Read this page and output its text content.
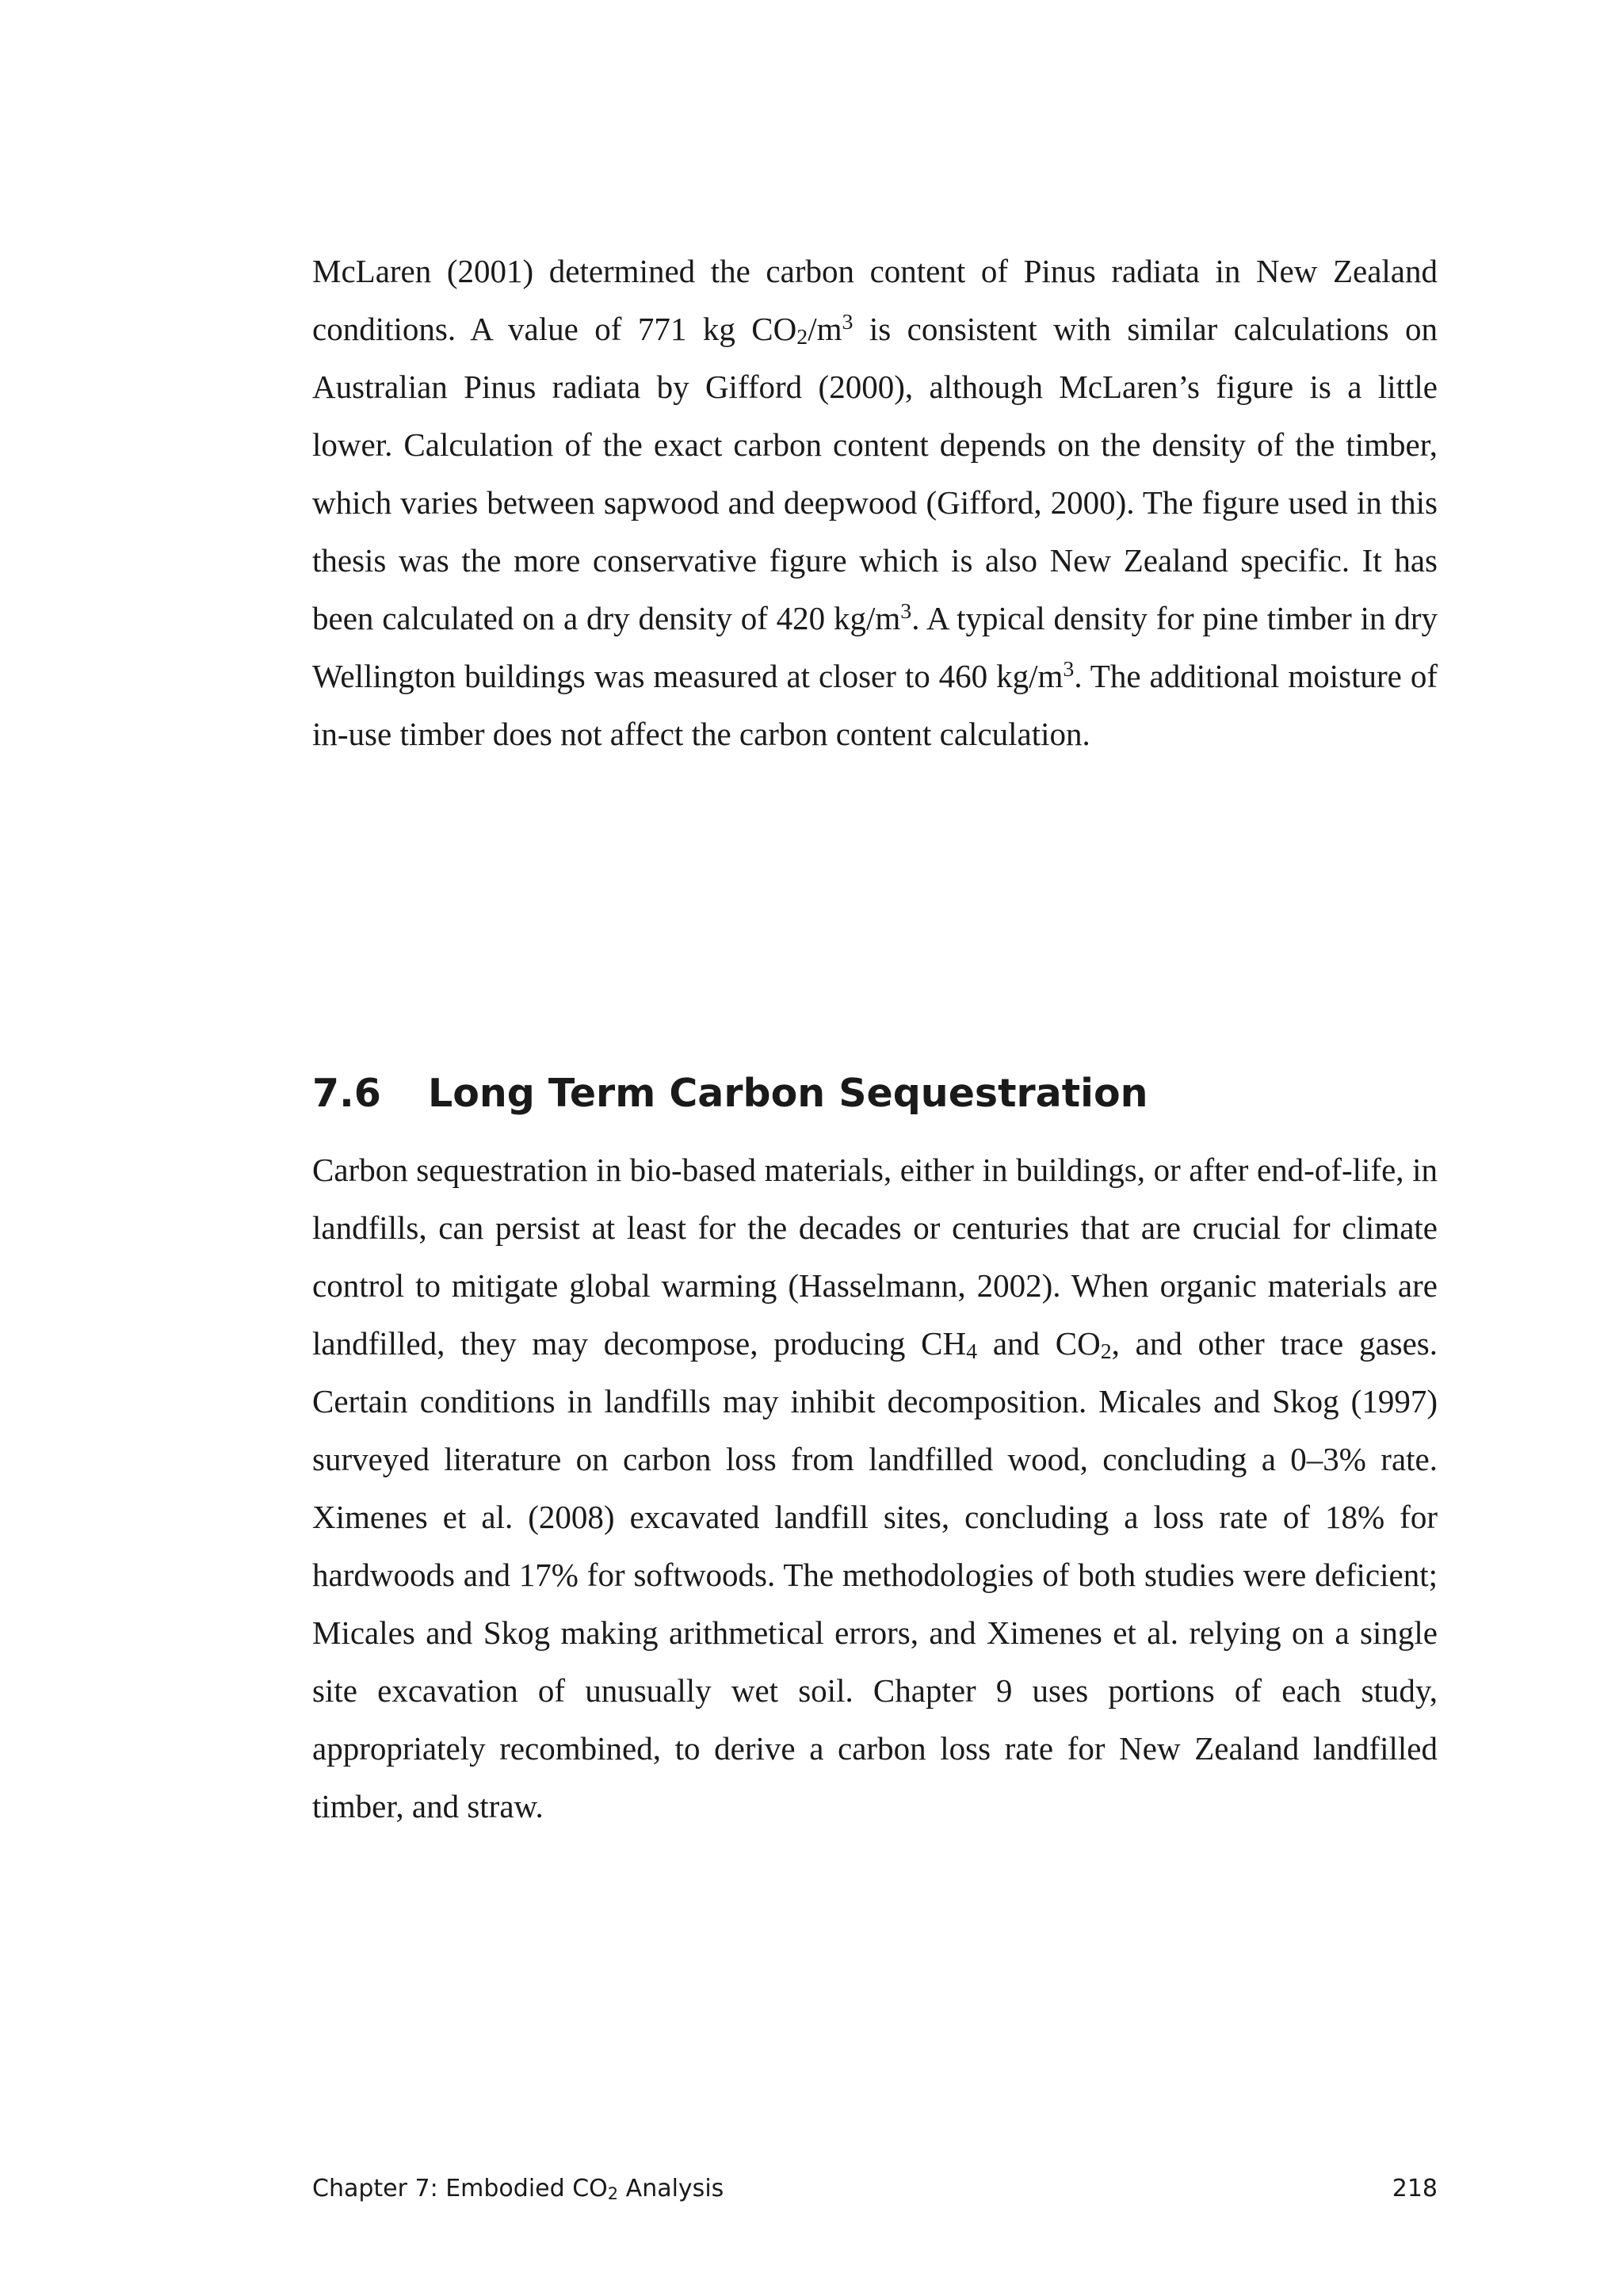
McLaren (2001) determined the carbon content of Pinus radiata in New Zealand conditions. A value of 771 kg $CO_2/m^3$ is consistent with similar calculations on Australian Pinus radiata by Gifford (2000), although McLaren’s figure is a little lower. Calculation of the exact carbon content depends on the density of the timber, which varies between sapwood and deepwood (Gifford, 2000). The figure used in this thesis was the more conservative figure which is also New Zealand specific. It has been calculated on a dry density of 420 $kg/m^3$. A typical density for pine timber in dry Wellington buildings was measured at closer to 460 $kg/m^3$. The additional moisture of in-use timber does not affect the carbon content calculation.

7.6 Long Term Carbon Sequestration

Carbon sequestration in bio-based materials, either in buildings, or after end-of-life, in landfills, can persist at least for the decades or centuries that are crucial for climate control to mitigate global warming (Hasselmann, 2002). When organic materials are landfilled, they may decompose, producing $CH_4$ and $CO_2$, and other trace gases. Certain conditions in landfills may inhibit decomposition. Micales and Skog (1997) surveyed literature on carbon loss from landfilled wood, concluding a 0–3% rate. Ximenes et al. (2008) excavated landfill sites, concluding a loss rate of 18% for hardwoods and 17% for softwoods. The methodologies of both studies were deficient; Micales and Skog making arithmetical errors, and Ximenes et al. relying on a single site excavation of unusually wet soil. Chapter 9 uses portions of each study, appropriately recombined, to derive a carbon loss rate for New Zealand landfilled timber, and straw.

Chapter 7: Embodied $CO_2$ Analysis	218
